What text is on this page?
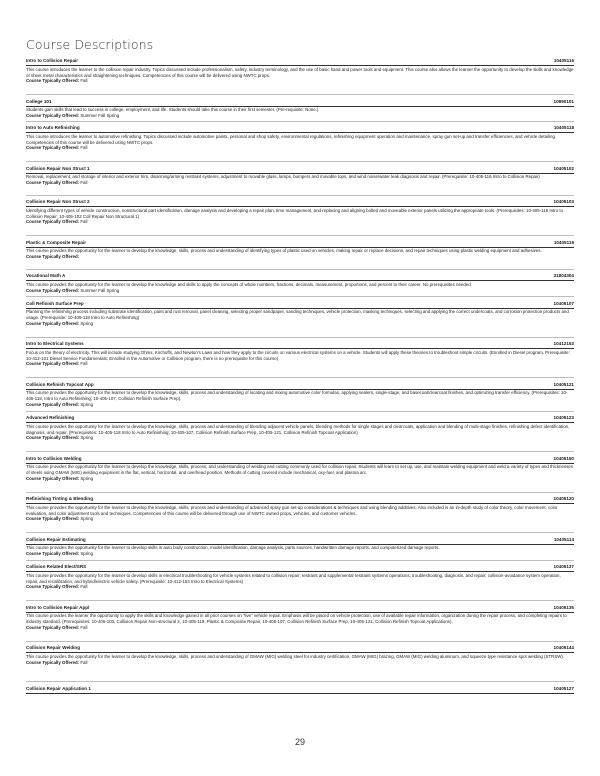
Course Descriptions
Intro to Collision Repair	10405116

This course introduces the learner to the collision repair industry. Topics discussed include professionalism, safety, industry terminology, and the use of basic hand and power tools and equipment. This course also allows the learner the opportunity to develop the skills and knowledge of sheet metal characteristics and straightening techniques. Competencies of this course will be delivered using NWTC props.

Course Typically Offered: Fall

College 101	10890101

Students gain skills that lead to success in college, employment, and life. Students should take this course in their first semester. (Pre-requisite: None.)

Course Typically Offered: Summer Fall Spring

Intro to Auto Refinishing	10405118

This course introduces the learner to automotive refinishing. Topics discussed include automotive paints, personal and shop safety, environmental regulations, refinishing equipment operation and maintenance, spray gun set-up and transfer efficiencies, and vehicle detailing. Competencies of this course will be delivered using NWTC props.

Course Typically Offered: Fall

Collision Repair Non Struct 1	10405102

Removal, replacement, and storage of interior and exterior trim, disarming/arming restraint systems, adjustment to movable glass, lamps, bumpers and movable tops, and wind noise/water leak diagnosis and repair. (Prerequisite: 10-405-116 Intro to Collision Repair)

Course Typically Offered: Fall

Collision Repair Non Struct 2	10405103

Identifying different types of vehicle construction, nonstructural part identification, damage analysis and developing a repair plan, time management, and replacing and aligning bolted and moveable exterior panels utilizing the appropriate tools. (Prerequisites: 10-405-116 Intro to Collision Repair; 10-405-102 Coll Repair Non Structural 1)

Course Typically Offered: Fall

Plastic & Composite Repair	10405119

This course provides the opportunity for the learner to develop the knowledge, skills, process and understanding of identifying types of plastic used on vehicles, making repair or replace decisions, and repair techniques using plastic welding equipment and adhesives.

Course Typically Offered:

Vocational Math A	31804304

This course provides the opportunity for the learner to develop the knowledge and skills to apply the concepts of whole numbers, fractions, decimals, measurement, proportions, and percent to their career. No prerequisites needed.

Course Typically Offered: Summer Fall Spring

Coll Refinish Surface Prep	10405107

Planning the refinishing process including substrate identification, paint and rust removal, panel cleaning, selecting proper sandpaper, sanding techniques, vehicle protection, masking techniques, selecting and applying the correct undercoats, and corrosion protection products and usage. (Prerequisite: 10-405-118 Intro to Auto Refinishing)

Course Typically Offered: Spring

Intro to Electrical Systems	10412153

Focus on the theory of electricity. This will include studying Ohms, Kirchoffs, and Newton's Laws and how they apply to the circuits on various electrical systems on a vehicle. Students will apply these theories to troubleshoot simple circuits. (Enrolled in Diesel program, Prerequisite: 10-412-101 Diesel Service Fundamentals; Enrolled in the Automotive or Collision program, there is no prerequisite for this course)

Course Typically Offered: Fall

Collision Refinish Topcoat App	10405121

This course provides the opportunity for the learner to develop the knowledge, skills, process and understanding of locating and mixing automotive color formulas, applying sealers, single-stage, and basecoat/clearcoat finishes, and optimizing transfer efficiency. (Prerequisites: 10-405-118, Intro to Auto Refinishing; 10-405-107, Collision Refinish Surface Prep).

Course Typically Offered: Spring

Advanced Refinishing	10405123

This course provides the opportunity for the learner to develop the knowledge, skills, process and understanding of blending adjacent vehicle panels, blending methods for single stages and clearcoats, application and blending of multi-stage finishes, refinishing defect identification, diagnosis, and repair. (Prerequisites: 10-405-118 Intro to Auto Refinishing; 10-405-107, Collision Refinish Surface Prep, 10-405-121, Collision Refinish Topcoat Application)

Course Typically Offered: Spring

Intro to Collision Welding	10405150

This course provides the opportunity for the learner to develop the knowledge, skills, process, and understanding of welding and cutting commonly used for collision repair. Students will learn to set up, use, and maintain welding equipment and weld a variety of types and thicknesses of steels using GMAW (MIG) welding equipment in the flat, vertical, horizontal, and overhead position. Methods of cutting covered include mechanical, oxy-fuel, and plasma arc.

Course Typically Offered: Spring

Refinishing Tinting & Blending	10405120

This course provides the opportunity for the learner to develop the knowledge, skills, process and understanding of advanced spray gun set-up considerations & techniques and using blending additives. Also included is an in-depth study of color theory, color movement, color evaluation, and color adjustment tools and techniques. Competencies of this course will be delivered through use of NWTC owned props, vehicles, and customer vehicles.

Course Typically Offered: Spring

Collision Repair Estimating	10405114

This course provides the opportunity for the learner to develop skills in auto body construction, model identification, damage analysis, parts sources, handwritten damage reports, and computerized damage reports.

Course Typically Offered: Spring

Collision Related Elect/SRS	10405137

This course provides the opportunity for the learner to develop skills in electrical troubleshooting for vehicle systems related to collision repair; restraint and supplemental restraint systems operations, troubleshooting, diagnosis, and repair; collision-avoidance system operation, repair, and recalibration; and hybrid/electric vehicle safety. (Prerequisite: 10-412-153 Intro to Electrical Systems)

Course Typically Offered: Fall

Intro to Collision Repair Appl	10405135

This course provides the learner the opportunity to apply the skills and knowledge gained in all prior courses on "live" vehicle repair. Emphasis will be placed on vehicle protection, use of available repair information, organization during the repair process, and completing repairs to industry standard. (Prerequisites: 10-405-103, Collision Repair Non-structural 2, 10-405-119, Plastic & Composite Repair, 10-405-107, Collision Refinish Surface Prep, 10-405-121, Collision Refinish Topcoat Applications).

Course Typically Offered: Fall

Collision Repair Welding	10405144

This course provides the opportunity for the learner to develop the knowledge, skills, process and understanding of GMAW (MIG) welding steel for industry certification, GMAW (MIG) brazing, GMAW (MIG) welding aluminum, and squeeze type resistance spot welding (STRSW).

Course Typically Offered: Fall

Collision Repair Application 1	10405127
29
